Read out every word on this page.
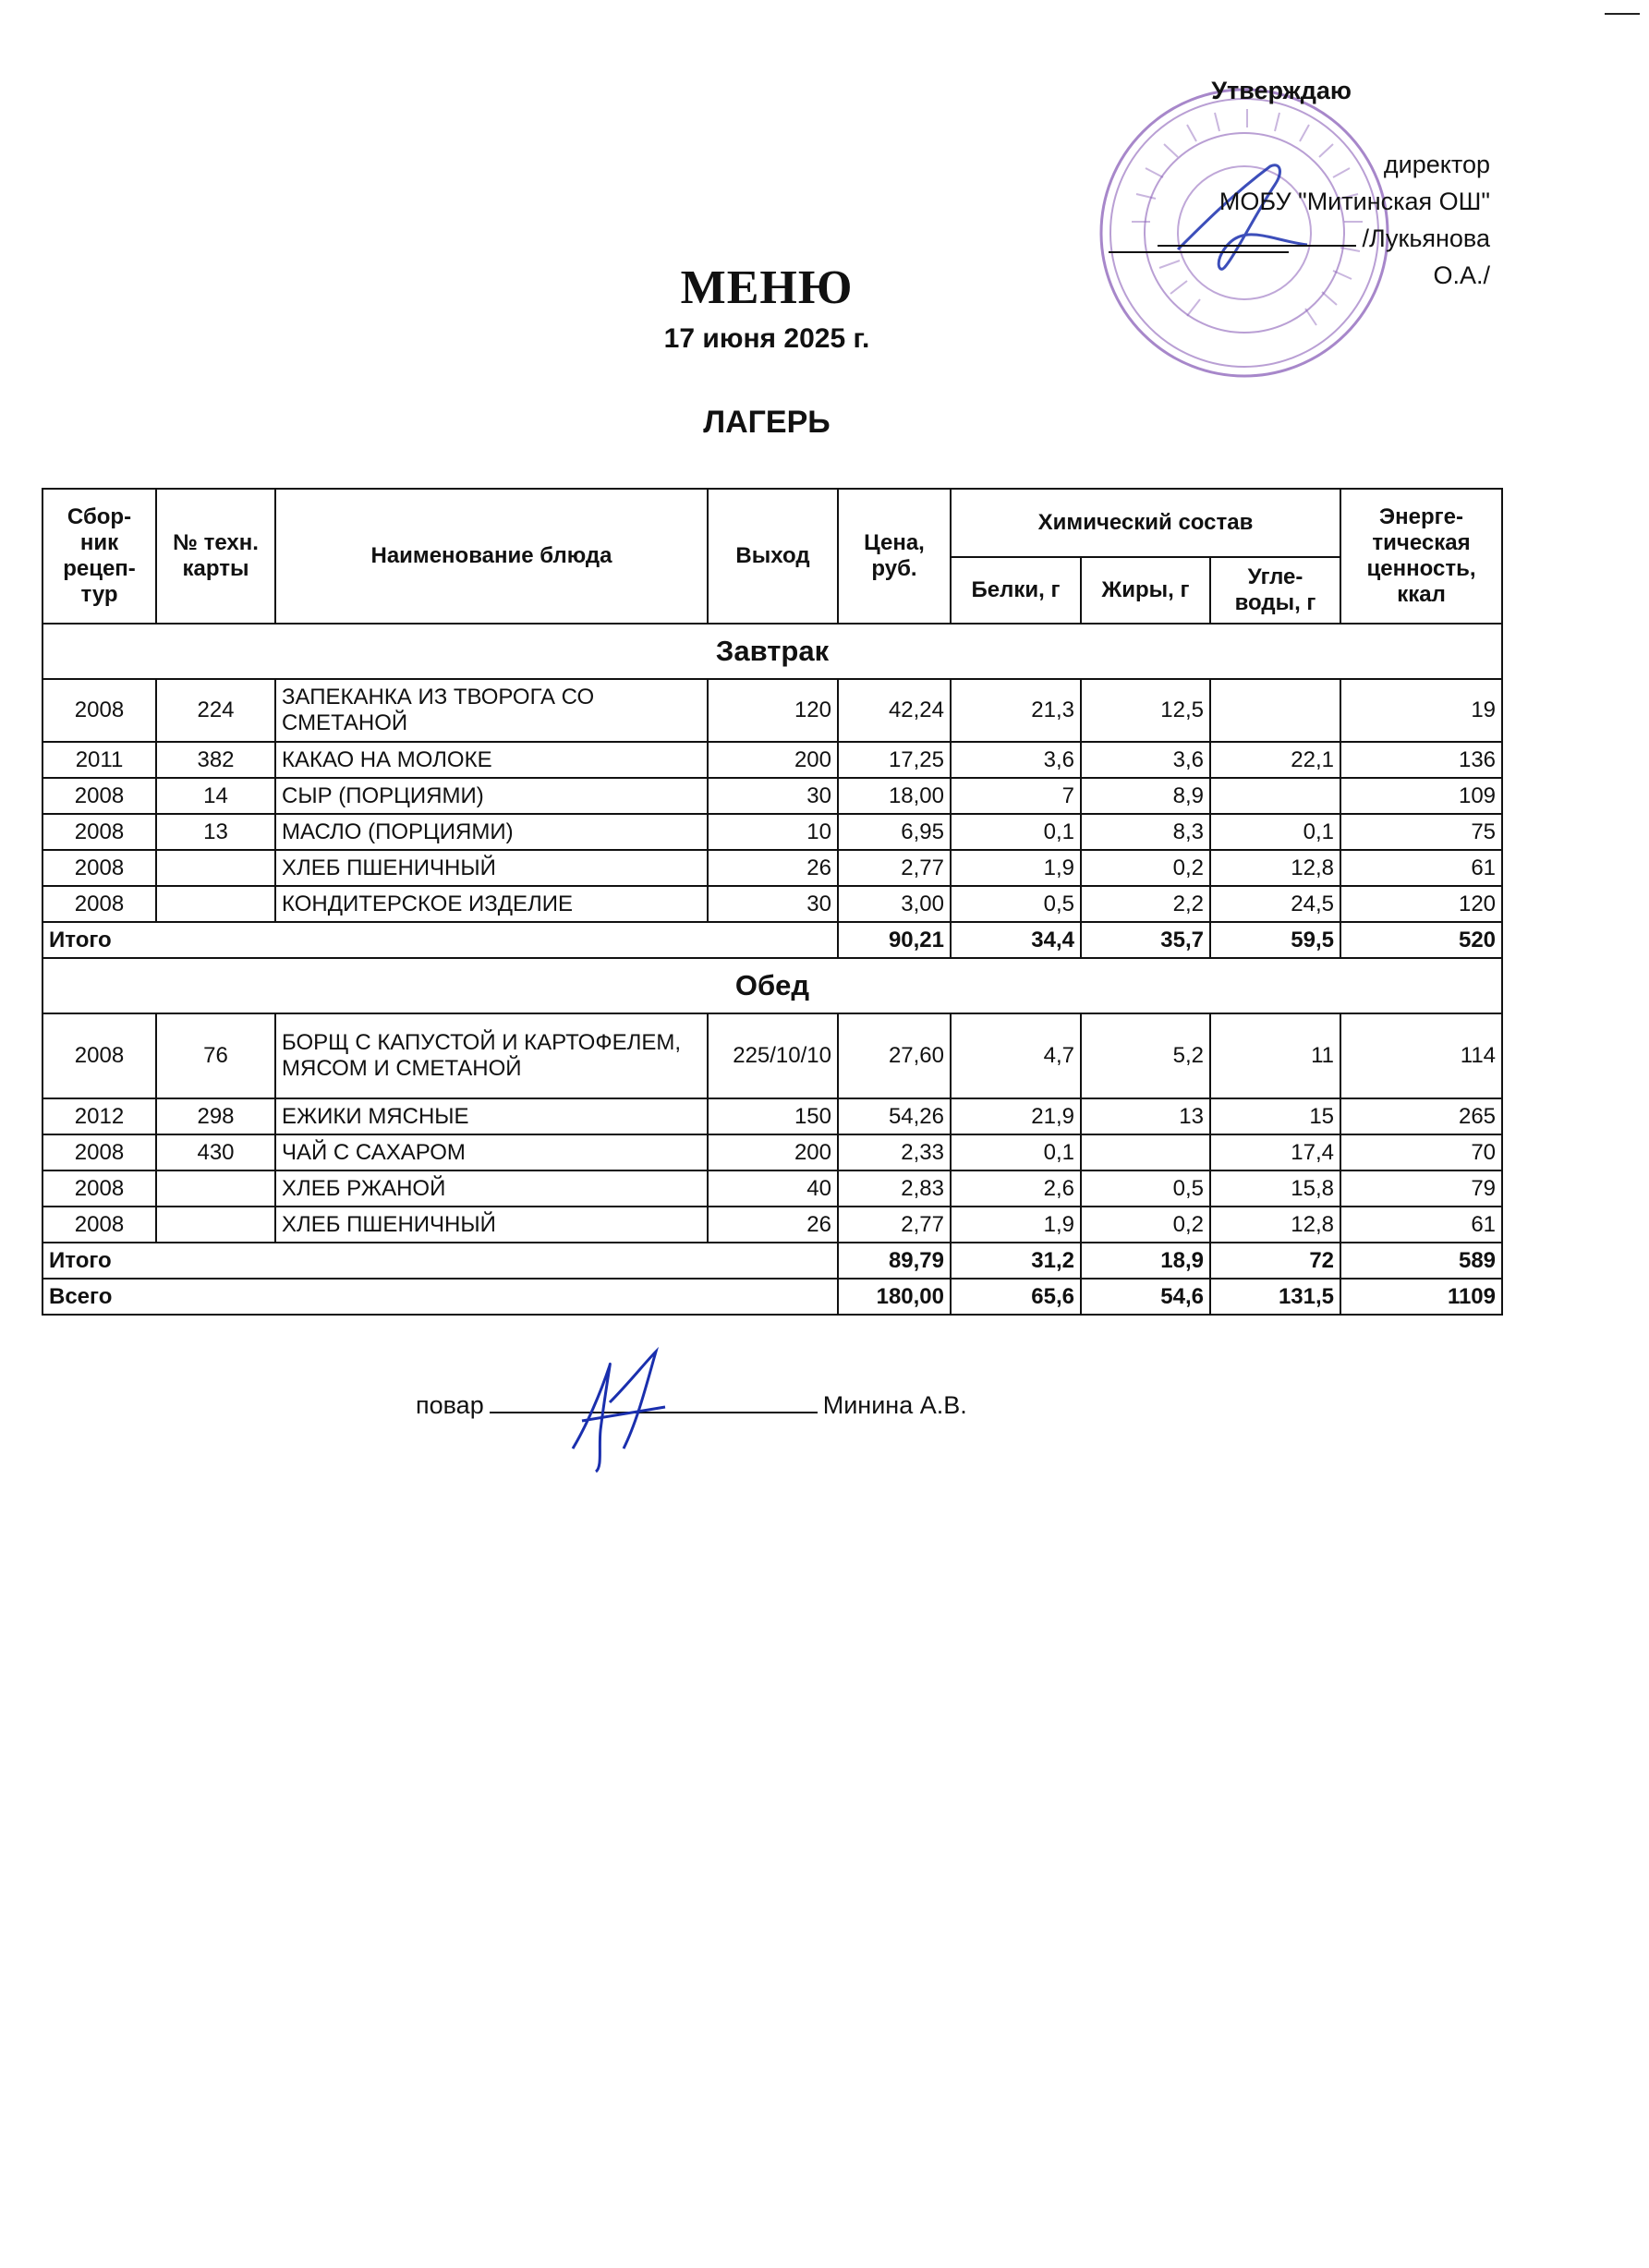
Утверждаю
директор
МОБУ "Митинская ОШ"
/Лукьянова О.А./
МЕНЮ
17 июня 2025 г.
ЛАГЕРЬ
Сбор-ник рецеп-тур	№ техн. карты	Наименование блюда	Выход	Цена, руб.	Химический состав			Энерге-тическая ценность, ккал
					Белки, г	Жиры, г	Угле-воды, г	
Завтрак								
2008	224	ЗАПЕКАНКА ИЗ ТВОРОГА СО СМЕТАНОЙ	120	42,24	21,3	12,5		19
2011	382	КАКАО НА МОЛОКЕ	200	17,25	3,6	3,6	22,1	136
2008	14	СЫР (ПОРЦИЯМИ)	30	18,00	7	8,9		109
2008	13	МАСЛО (ПОРЦИЯМИ)	10	6,95	0,1	8,3	0,1	75
2008		ХЛЕБ ПШЕНИЧНЫЙ	26	2,77	1,9	0,2	12,8	61
2008		КОНДИТЕРСКОЕ ИЗДЕЛИЕ	30	3,00	0,5	2,2	24,5	120
Итого				90,21	34,4	35,7	59,5	520
Обед								
2008	76	БОРЩ С КАПУСТОЙ И КАРТОФЕЛЕМ, МЯСОМ И СМЕТАНОЙ	225/10/10	27,60	4,7	5,2	11	114
2012	298	ЕЖИКИ МЯСНЫЕ	150	54,26	21,9	13	15	265
2008	430	ЧАЙ С САХАРОМ	200	2,33	0,1		17,4	70
2008		ХЛЕБ РЖАНОЙ	40	2,83	2,6	0,5	15,8	79
2008		ХЛЕБ ПШЕНИЧНЫЙ	26	2,77	1,9	0,2	12,8	61
Итого				89,79	31,2	18,9	72	589
Всего				180,00	65,6	54,6	131,5	1109
повар	Минина А.В.
